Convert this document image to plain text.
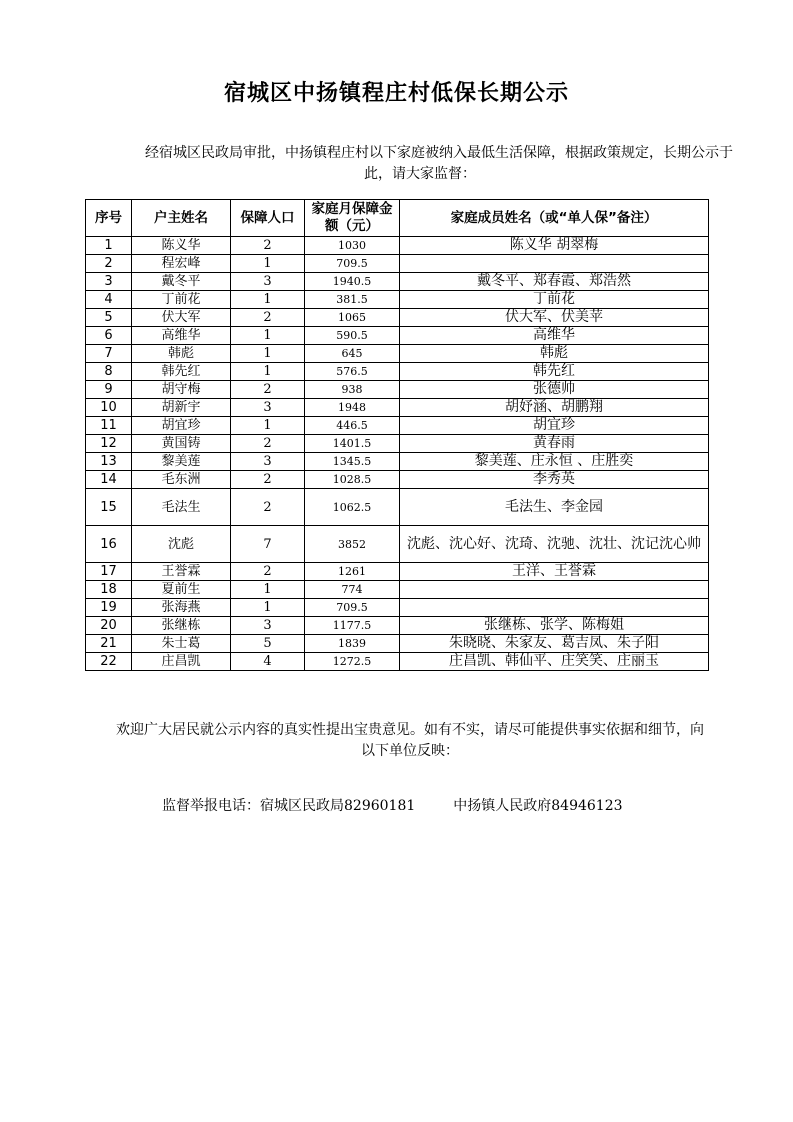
宿城区中扬镇程庄村低保长期公示
经宿城区民政局审批，中扬镇程庄村以下家庭被纳入最低生活保障，根据政策规定，长期公示于此，请大家监督：
序号	户主姓名	保障人口	家庭月保障金额（元）	家庭成员姓名（或“单人保”备注）
1	陈义华	2	1030	陈义华 胡翠梅
2	程宏峰	1	709.5	
3	戴冬平	3	1940.5	戴冬平、郑春霞、郑浩然
4	丁前花	1	381.5	丁前花
5	伏大军	2	1065	伏大军、伏美苹
6	高维华	1	590.5	高维华
7	韩彪	1	645	韩彪
8	韩先红	1	576.5	韩先红
9	胡守梅	2	938	张德帅
10	胡新宇	3	1948	胡妤涵、胡鹏翔
11	胡宜珍	1	446.5	胡宜珍
12	黄国铸	2	1401.5	黄春雨
13	黎美莲	3	1345.5	黎美莲、庄永恒 、庄胜奕
14	毛东洲	2	1028.5	李秀英
15	毛法生	2	1062.5	毛法生、李金园
16	沈彪	7	3852	沈彪、沈心好、沈琦、沈驰、沈壮、沈记沈心帅
17	王誉霖	2	1261	王洋、王誉霖
18	夏前生	1	774	
19	张海燕	1	709.5	
20	张继栋	3	1177.5	张继栋、张学、陈梅姐
21	朱士葛	5	1839	朱晓晓、朱家友、葛吉凤、朱子阳
22	庄昌凯	4	1272.5	庄昌凯、韩仙平、庄笑笑、庄丽玉
欢迎广大居民就公示内容的真实性提出宝贵意见。如有不实，请尽可能提供事实依据和细节，向以下单位反映：
监督举报电话：宿城区民政局82960181	中扬镇人民政府84946123
